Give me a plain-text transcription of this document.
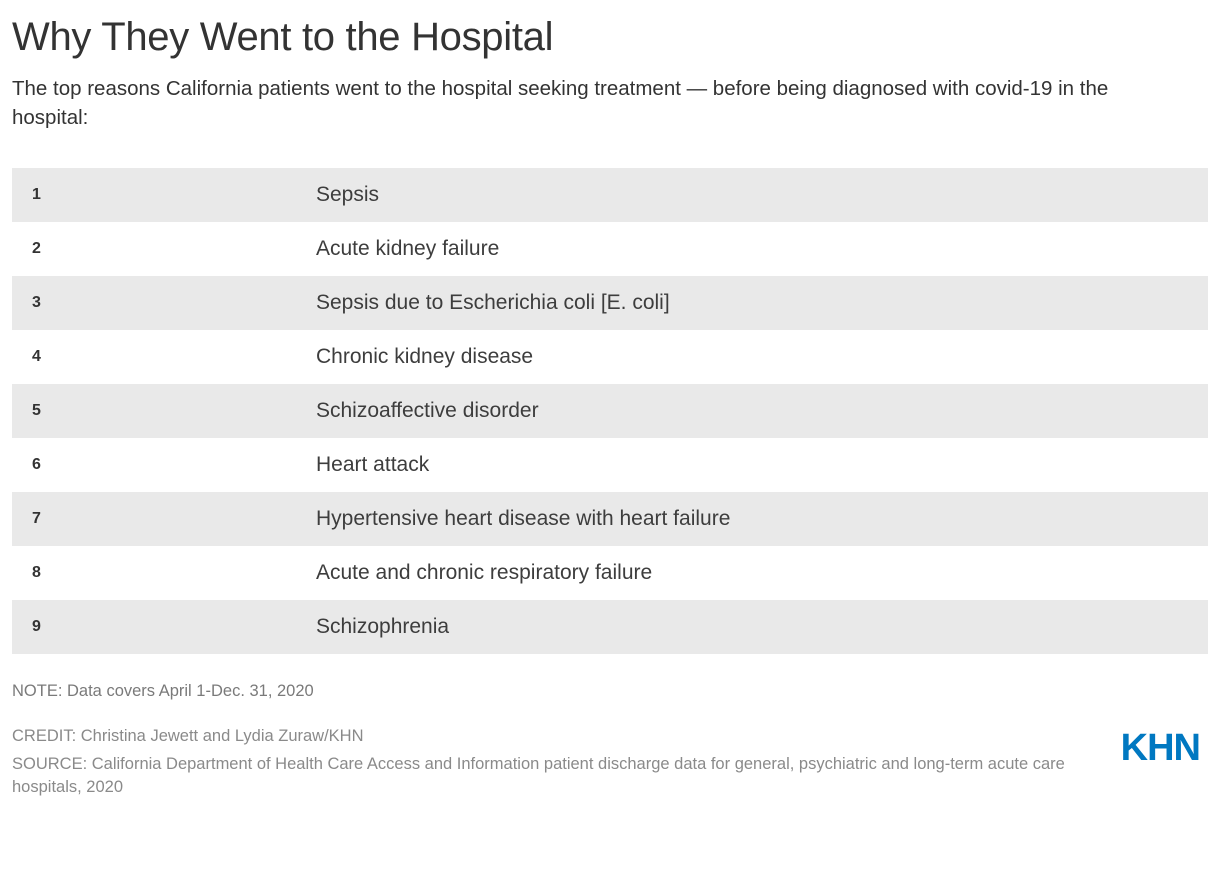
Why They Went to the Hospital

The top reasons California patients went to the hospital seeking treatment — before being diagnosed with covid-19 in the hospital:

1	Sepsis
2	Acute kidney failure
3	Sepsis due to Escherichia coli [E. coli]
4	Chronic kidney disease
5	Schizoaffective disorder
6	Heart attack
7	Hypertensive heart disease with heart failure
8	Acute and chronic respiratory failure
9	Schizophrenia
NOTE: Data covers April 1-Dec. 31, 2020
CREDIT: Christina Jewett and Lydia Zuraw/KHN
SOURCE: California Department of Health Care Access and Information patient discharge data for general, psychiatric and long-term acute care hospitals, 2020
KHN
